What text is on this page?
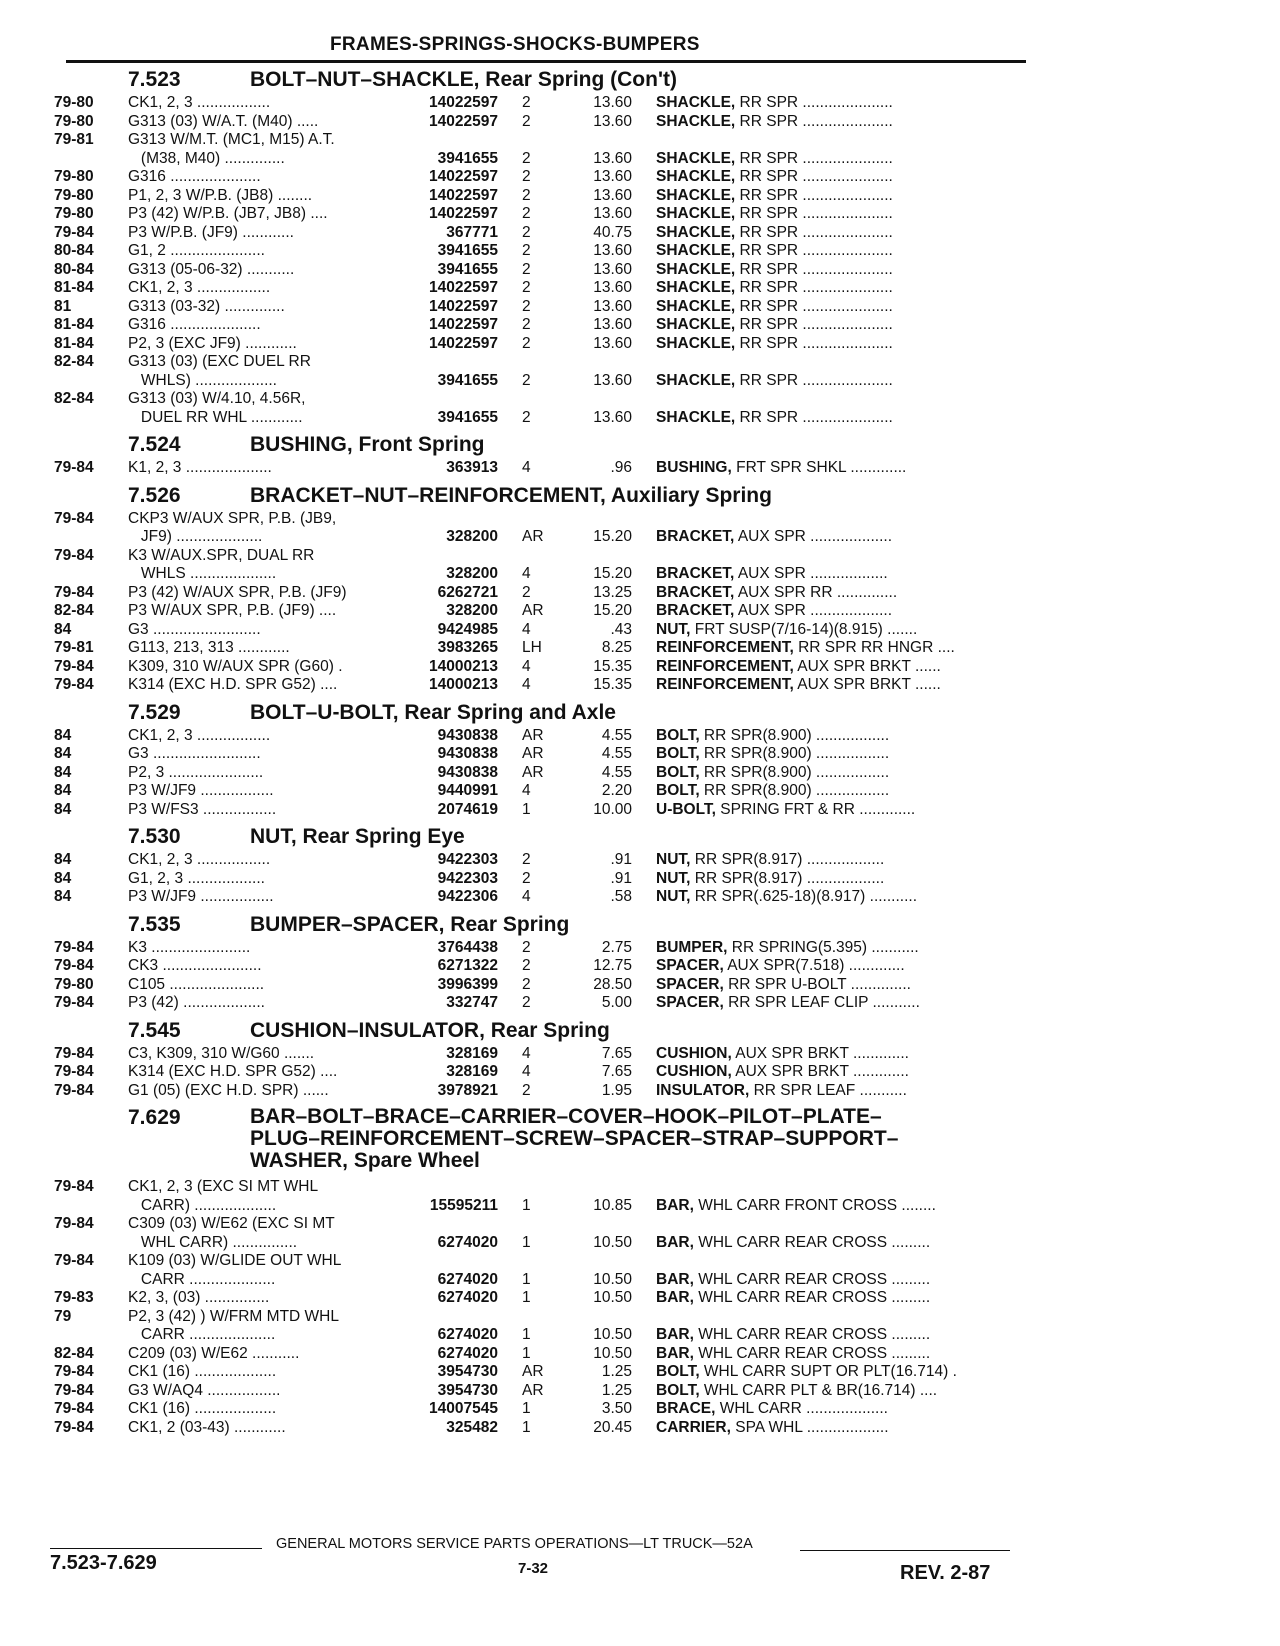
FRAMES-SPRINGS-SHOCKS-BUMPERS
7.523	BOLT–NUT–SHACKLE, Rear Spring (Con't)
79-80 CK1, 2, 3 .................	14022597 2	13.60 SHACKLE, RR SPR .....................
79-80 G313 (03) W/A.T. (M40) .....	14022597 2	13.60 SHACKLE, RR SPR .....................
79-81 G313 W/M.T. (MC1, M15) A.T.
(M38, M40) ..............	3941655 2	13.60 SHACKLE, RR SPR .....................
79-80 G316 .....................	14022597 2	13.60 SHACKLE, RR SPR .....................
79-80 P1, 2, 3 W/P.B. (JB8) ........	14022597 2	13.60 SHACKLE, RR SPR .....................
79-80 P3 (42) W/P.B. (JB7, JB8) ....	14022597 2	13.60 SHACKLE, RR SPR .....................
79-84 P3 W/P.B. (JF9) ............	367771 2	40.75 SHACKLE, RR SPR .....................
80-84 G1, 2 ......................	3941655 2	13.60 SHACKLE, RR SPR .....................
80-84 G313 (05-06-32) ...........	3941655 2	13.60 SHACKLE, RR SPR .....................
81-84 CK1, 2, 3 .................	14022597 2	13.60 SHACKLE, RR SPR .....................
81	G313 (03-32) ..............	14022597 2	13.60 SHACKLE, RR SPR .....................
81-84 G316 .....................	14022597 2	13.60 SHACKLE, RR SPR .....................
81-84 P2, 3 (EXC JF9) ............	14022597 2	13.60 SHACKLE, RR SPR .....................
82-84 G313 (03) (EXC DUEL RR
WHLS) ...................	3941655 2	13.60 SHACKLE, RR SPR .....................
82-84 G313 (03) W/4.10, 4.56R,
DUEL RR WHL ............	3941655 2	13.60 SHACKLE, RR SPR .....................
7.524	BUSHING, Front Spring
79-84 K1, 2, 3 ....................	363913 4	.96 BUSHING, FRT SPR SHKL .............
7.526	BRACKET–NUT–REINFORCEMENT, Auxiliary Spring
79-84 CKP3 W/AUX SPR, P.B. (JB9,
JF9) ....................	328200 AR	15.20 BRACKET, AUX SPR ...................
79-84 K3 W/AUX.SPR, DUAL RR
WHLS ....................	328200 4	15.20 BRACKET, AUX SPR ..................
79-84 P3 (42) W/AUX SPR, P.B. (JF9)	6262721 2	13.25 BRACKET, AUX SPR RR ..............
82-84 P3 W/AUX SPR, P.B. (JF9) ....	328200 AR	15.20 BRACKET, AUX SPR ...................
84	G3 .........................	9424985 4	.43 NUT, FRT SUSP(7/16-14)(8.915) .......
79-81 G113, 213, 313 ............	3983265 LH	8.25 REINFORCEMENT, RR SPR RR HNGR ....
79-84 K309, 310 W/AUX SPR (G60) .	14000213 4	15.35 REINFORCEMENT, AUX SPR BRKT ......
79-84 K314 (EXC H.D. SPR G52) ....	14000213 4	15.35 REINFORCEMENT, AUX SPR BRKT ......
7.529	BOLT–U-BOLT, Rear Spring and Axle
84	CK1, 2, 3 .................	9430838 AR	4.55 BOLT, RR SPR(8.900) .................
84	G3 .........................	9430838 AR	4.55 BOLT, RR SPR(8.900) .................
84	P2, 3 ......................	9430838 AR	4.55 BOLT, RR SPR(8.900) .................
84	P3 W/JF9 .................	9440991 4	2.20 BOLT, RR SPR(8.900) .................
84	P3 W/FS3 .................	2074619 1	10.00 U-BOLT, SPRING FRT & RR .............
7.530	NUT, Rear Spring Eye
84	CK1, 2, 3 .................	9422303 2	.91 NUT, RR SPR(8.917) ..................
84	G1, 2, 3 ..................	9422303 2	.91 NUT, RR SPR(8.917) ..................
84	P3 W/JF9 .................	9422306 4	.58 NUT, RR SPR(.625-18)(8.917) ...........
7.535	BUMPER–SPACER, Rear Spring
79-84 K3 .......................	3764438 2	2.75 BUMPER, RR SPRING(5.395) ...........
79-84 CK3 .......................	6271322 2	12.75 SPACER, AUX SPR(7.518) .............
79-80 C105 ......................	3996399 2	28.50 SPACER, RR SPR U-BOLT ..............
79-84 P3 (42) ...................	332747 2	5.00 SPACER, RR SPR LEAF CLIP ...........
7.545	CUSHION–INSULATOR, Rear Spring
79-84 C3, K309, 310 W/G60 .......	328169 4	7.65 CUSHION, AUX SPR BRKT .............
79-84 K314 (EXC H.D. SPR G52) ....	328169 4	7.65 CUSHION, AUX SPR BRKT .............
79-84 G1 (05) (EXC H.D. SPR) ......	3978921 2	1.95 INSULATOR, RR SPR LEAF ...........
7.629	BAR–BOLT–BRACE–CARRIER–COVER–HOOK–PILOT–PLATE–
PLUG–REINFORCEMENT–SCREW–SPACER–STRAP–SUPPORT–
WASHER, Spare Wheel
79-84 CK1, 2, 3 (EXC SI MT WHL
CARR) ...................	15595211 1	10.85 BAR, WHL CARR FRONT CROSS ........
79-84 C309 (03) W/E62 (EXC SI MT
WHL CARR) ...............	6274020 1	10.50 BAR, WHL CARR REAR CROSS .........
79-84 K109 (03) W/GLIDE OUT WHL
CARR ....................	6274020 1	10.50 BAR, WHL CARR REAR CROSS .........
79-83 K2, 3, (03) ...............	6274020 1	10.50 BAR, WHL CARR REAR CROSS .........
79	P2, 3 (42) ) W/FRM MTD WHL
CARR ....................	6274020 1	10.50 BAR, WHL CARR REAR CROSS .........
82-84 C209 (03) W/E62 ...........	6274020 1	10.50 BAR, WHL CARR REAR CROSS .........
79-84 CK1 (16) ...................	3954730 AR	1.25 BOLT, WHL CARR SUPT OR PLT(16.714) .
79-84 G3 W/AQ4 .................	3954730 AR	1.25 BOLT, WHL CARR PLT & BR(16.714) ....
79-84 CK1 (16) ...................	14007545 1	3.50 BRACE, WHL CARR ...................
79-84 CK1, 2 (03-43) ............	325482 1	20.45 CARRIER, SPA WHL ...................
GENERAL MOTORS SERVICE PARTS OPERATIONS—LT TRUCK—52A
7.523-7.629	7-32	REV. 2-87
